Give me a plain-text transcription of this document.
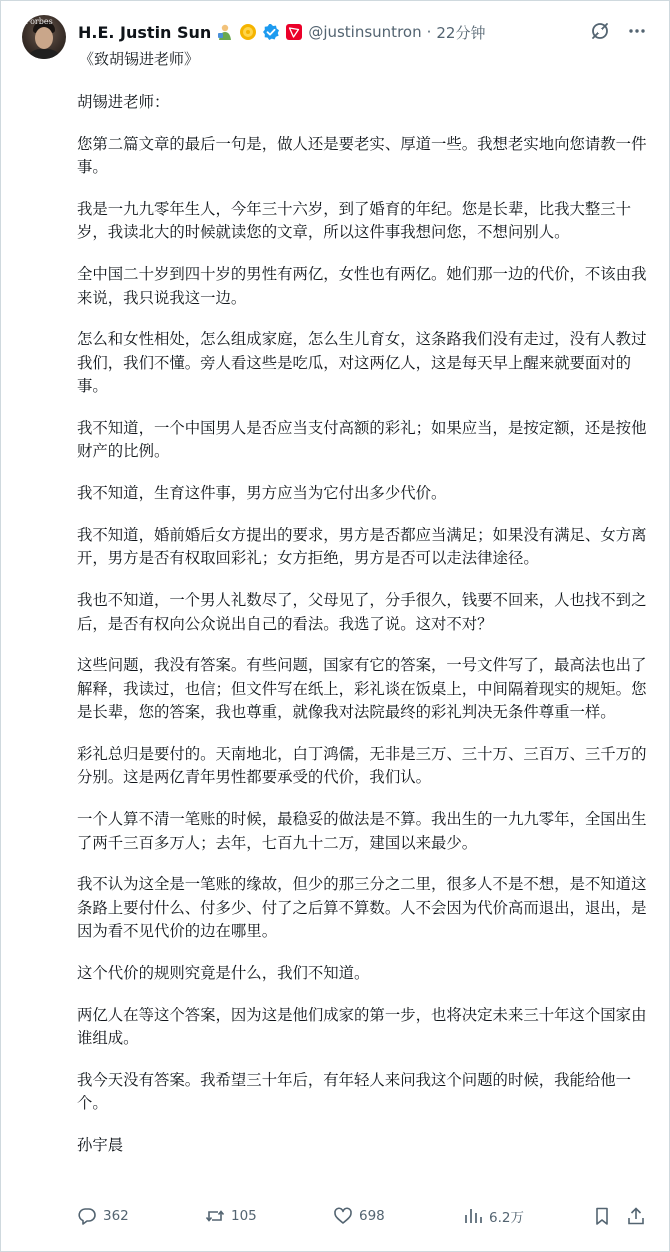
Forbes
H.E. Justin Sun	@justinsuntron · 22分钟
《致胡锡进老师》

胡锡进老师：

您第二篇文章的最后一句是，做人还是要老实、厚道一些。我想老实地向您请教一件事。

我是一九九零年生人，今年三十六岁，到了婚育的年纪。您是长辈，比我大整三十岁，我读北大的时候就读您的文章，所以这件事我想问您，不想问别人。

全中国二十岁到四十岁的男性有两亿，女性也有两亿。她们那一边的代价，不该由我来说，我只说我这一边。

怎么和女性相处，怎么组成家庭，怎么生儿育女，这条路我们没有走过，没有人教过我们，我们不懂。旁人看这些是吃瓜，对这两亿人，这是每天早上醒来就要面对的事。

我不知道，一个中国男人是否应当支付高额的彩礼；如果应当，是按定额，还是按他财产的比例。

我不知道，生育这件事，男方应当为它付出多少代价。

我不知道，婚前婚后女方提出的要求，男方是否都应当满足；如果没有满足、女方离开，男方是否有权取回彩礼；女方拒绝，男方是否可以走法律途径。

我也不知道，一个男人礼数尽了，父母见了，分手很久，钱要不回来，人也找不到之后，是否有权向公众说出自己的看法。我选了说。这对不对？

这些问题，我没有答案。有些问题，国家有它的答案，一号文件写了，最高法也出了解释，我读过，也信；但文件写在纸上，彩礼谈在饭桌上，中间隔着现实的规矩。您是长辈，您的答案，我也尊重，就像我对法院最终的彩礼判决无条件尊重一样。

彩礼总归是要付的。天南地北，白丁鸿儒，无非是三万、三十万、三百万、三千万的分别。这是两亿青年男性都要承受的代价，我们认。

一个人算不清一笔账的时候，最稳妥的做法是不算。我出生的一九九零年，全国出生了两千三百多万人；去年，七百九十二万，建国以来最少。

我不认为这全是一笔账的缘故，但少的那三分之二里，很多人不是不想，是不知道这条路上要付什么、付多少、付了之后算不算数。人不会因为代价高而退出，退出，是因为看不见代价的边在哪里。

这个代价的规则究竟是什么，我们不知道。

两亿人在等这个答案，因为这是他们成家的第一步，也将决定未来三十年这个国家由谁组成。

我今天没有答案。我希望三十年后，有年轻人来问我这个问题的时候，我能给他一个。

孙宇晨

362	105	698	6.2万
